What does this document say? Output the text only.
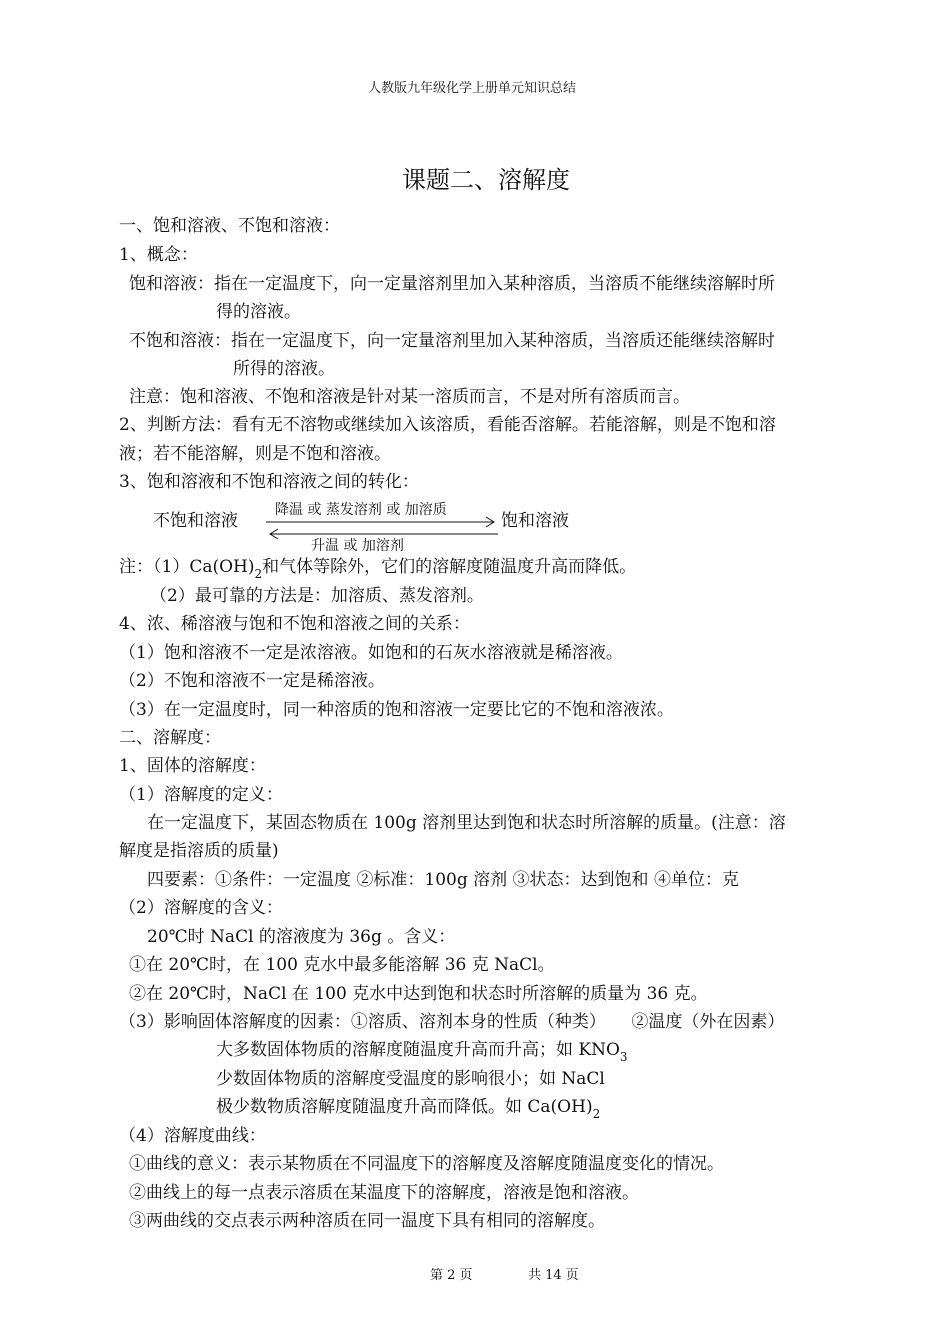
人教版九年级化学上册单元知识总结
课题二、溶解度
一、饱和溶液、不饱和溶液：
1、概念：
饱和溶液：指在一定温度下，向一定量溶剂里加入某种溶质，当溶质不能继续溶解时所
得的溶液。
不饱和溶液：指在一定温度下，向一定量溶剂里加入某种溶质，当溶质还能继续溶解时
所得的溶液。
注意：饱和溶液、不饱和溶液是针对某一溶质而言，不是对所有溶质而言。
2、判断方法：看有无不溶物或继续加入该溶质，看能否溶解。若能溶解，则是不饱和溶
液；若不能溶解，则是不饱和溶液。
3、饱和溶液和不饱和溶液之间的转化：
不饱和溶液
降温 或 蒸发溶剂 或 加溶质
饱和溶液
升温 或 加溶剂
注：$(1)Ca(OH)_2$和气体等除外，它们的溶解度随温度升高而降低。
（2）最可靠的方法是：加溶质、蒸发溶剂。
4、浓、稀溶液与饱和不饱和溶液之间的关系：
（1）饱和溶液不一定是浓溶液。如饱和的石灰水溶液就是稀溶液。
（2）不饱和溶液不一定是稀溶液。
（3）在一定温度时，同一种溶质的饱和溶液一定要比它的不饱和溶液浓。
二、溶解度：
1、固体的溶解度：
（1）溶解度的定义：
在一定温度下，某固态物质在 100g 溶剂里达到饱和状态时所溶解的质量。(注意：溶
解度是指溶质的质量)
四要素：①条件：一定温度 ②标准：100g 溶剂 ③状态：达到饱和 ④单位：克
（2）溶解度的含义：
20℃时 NaCl 的溶液度为 36g 。含义：
①在 20℃时，在 100 克水中最多能溶解 36 克 NaCl。
②在 20℃时，NaCl 在 100 克水中达到饱和状态时所溶解的质量为 36 克。
（3）影响固体溶解度的因素：①溶质、溶剂本身的性质（种类）　　②温度（外在因素）
大多数固体物质的溶解度随温度升高而升高；如 $KNO_3$
少数固体物质的溶解度受温度的影响很小；如 NaCl
极少数物质溶解度随温度升高而降低。如 $Ca(OH)_2$
（4）溶解度曲线：
①曲线的意义：表示某物质在不同温度下的溶解度及溶解度随温度变化的情况。
②曲线上的每一点表示溶质在某温度下的溶解度，溶液是饱和溶液。
③两曲线的交点表示两种溶质在同一温度下具有相同的溶解度。
第 2 页	共 14 页
